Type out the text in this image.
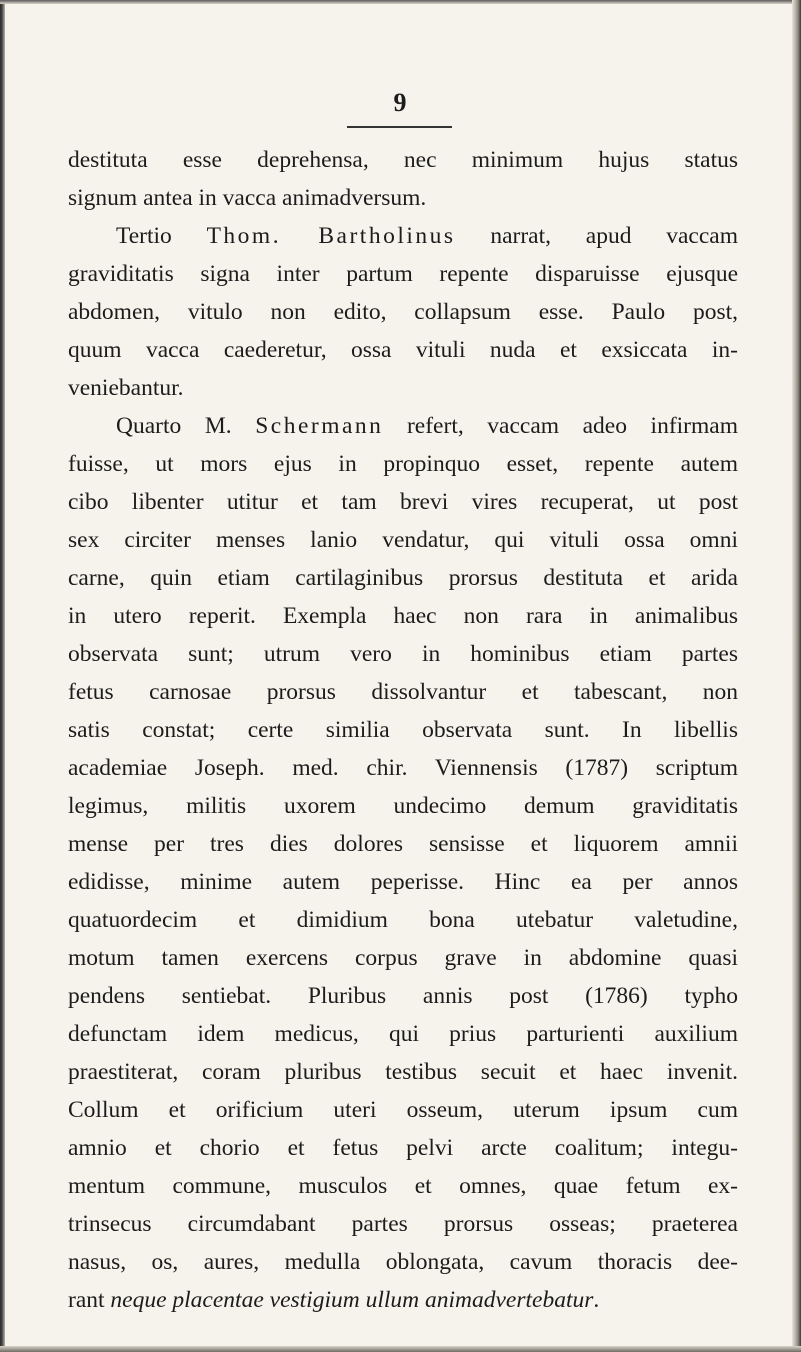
9
destituta esse deprehensa, nec minimum hujus status
signum antea in vacca animadversum.
Tertio Thom. Bartholinus narrat, apud vaccam
graviditatis signa inter partum repente disparuisse ejusque
abdomen, vitulo non edito, collapsum esse. Paulo post,
quum vacca caederetur, ossa vituli nuda et exsiccata in-
veniebantur.
Quarto M. Schermann refert, vaccam adeo infirmam
fuisse, ut mors ejus in propinquo esset, repente autem
cibo libenter utitur et tam brevi vires recuperat, ut post
sex circiter menses lanio vendatur, qui vituli ossa omni
carne, quin etiam cartilaginibus prorsus destituta et arida
in utero reperit. Exempla haec non rara in animalibus
observata sunt; utrum vero in hominibus etiam partes
fetus carnosae prorsus dissolvantur et tabescant, non
satis constat; certe similia observata sunt. In libellis
academiae Joseph. med. chir. Viennensis (1787) scriptum
legimus, militis uxorem undecimo demum graviditatis
mense per tres dies dolores sensisse et liquorem amnii
edidisse, minime autem peperisse. Hinc ea per annos
quatuordecim et dimidium bona utebatur valetudine,
motum tamen exercens corpus grave in abdomine quasi
pendens sentiebat. Pluribus annis post (1786) typho
defunctam idem medicus, qui prius parturienti auxilium
praestiterat, coram pluribus testibus secuit et haec invenit.
Collum et orificium uteri osseum, uterum ipsum cum
amnio et chorio et fetus pelvi arcte coalitum; integu-
mentum commune, musculos et omnes, quae fetum ex-
trinsecus circumdabant partes prorsus osseas; praeterea
nasus, os, aures, medulla oblongata, cavum thoracis dee-
rant neque placentae vestigium ullum animadvertebatur.
